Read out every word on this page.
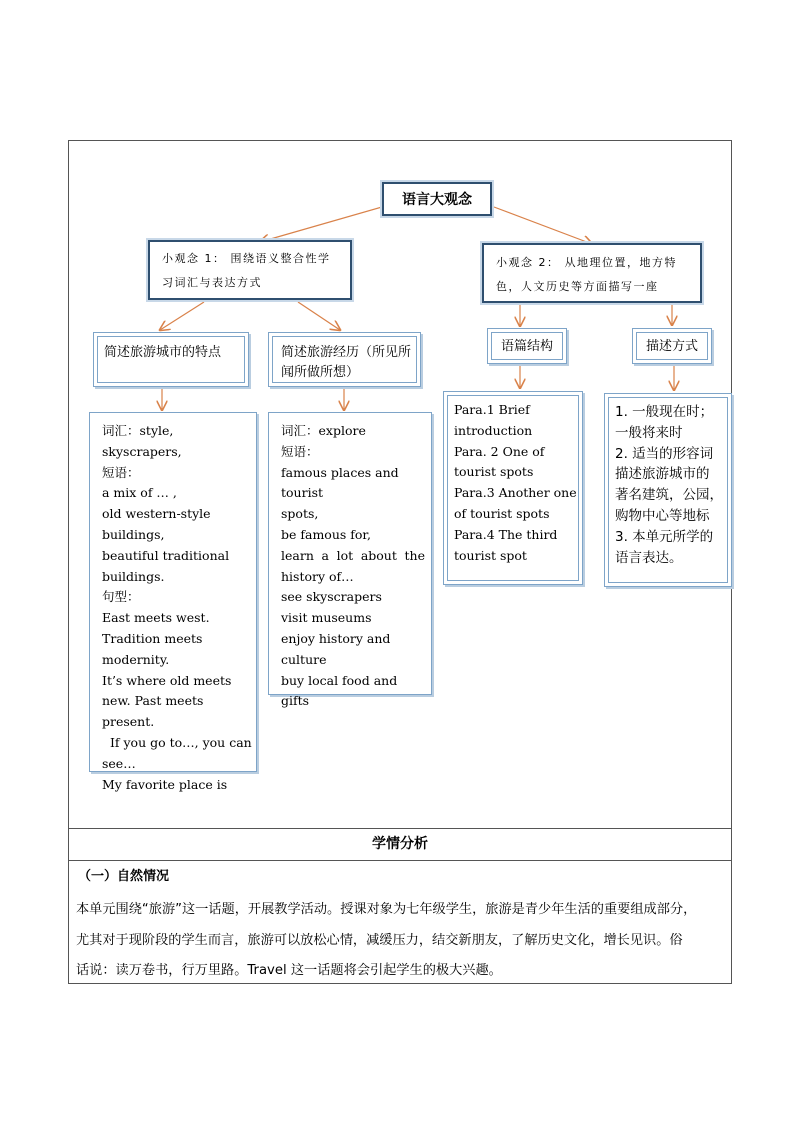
语言大观念
小观念 1： 围绕语义整合性学习词汇与表达方式
小观念 2： 从地理位置，地方特色，人文历史等方面描写一座
简述旅游城市的特点	简述旅游经历（所见所闻所做所想）
语篇结构	描述方式
词汇：style,
skyscrapers,
短语：
a mix of … ,
old western-style
buildings,
beautiful traditional
buildings.
句型：
East meets west.
Tradition meets
modernity.
It’s where old meets
new. Past meets present.
If you go to…, you can
see…
My favorite place is
词汇：explore
短语：
famous places and tourist
spots,
be famous for,
learn a lot about the
history of…
see skyscrapers
visit museums
enjoy history and
culture
buy local food and gifts
Para.1 Brief
introduction
Para. 2 One of
tourist spots
Para.3 Another one
of tourist spots
Para.4 The third
tourist spot
1. 一般现在时；
一般将来时
2. 适当的形容词
描述旅游城市的
著名建筑，公园，
购物中心等地标
3. 本单元所学的
语言表达。
学情分析
（一）自然情况
本单元围绕“旅游”这一话题，开展教学活动。授课对象为七年级学生，旅游是青少年生活的重要组成部分，
尤其对于现阶段的学生而言，旅游可以放松心情，减缓压力，结交新朋友，了解历史文化，增长见识。俗
话说：读万卷书，行万里路。Travel 这一话题将会引起学生的极大兴趣。
